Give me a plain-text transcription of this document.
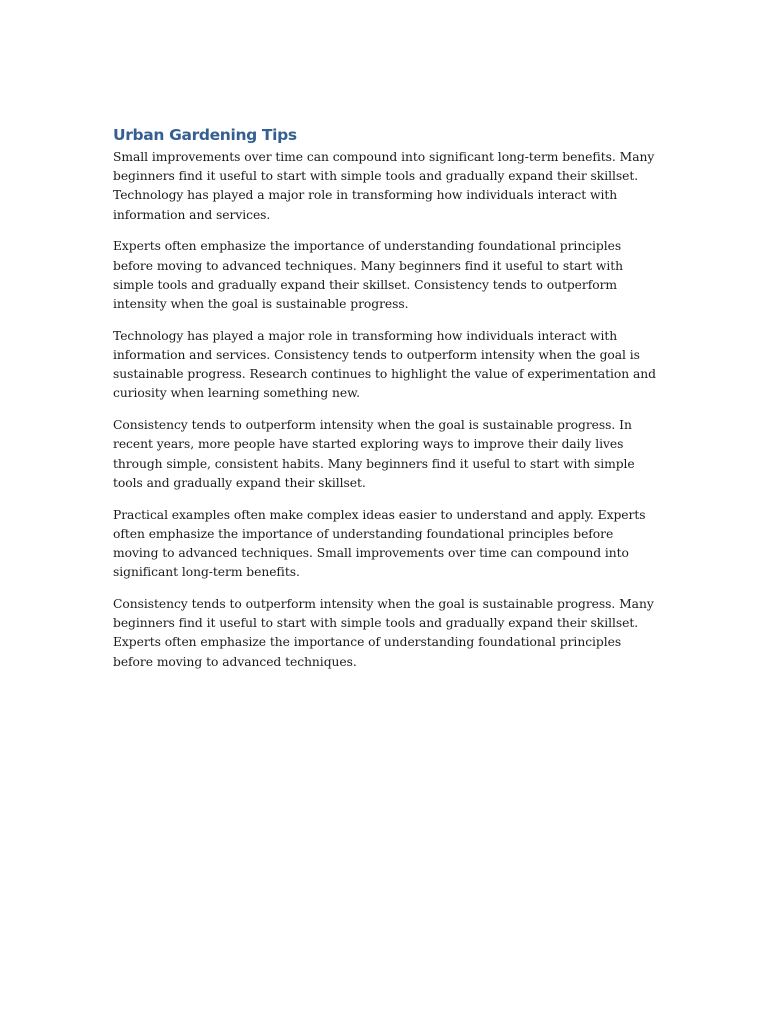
Urban Gardening Tips

Small improvements over time can compound into significant long-term benefits. Many beginners find it useful to start with simple tools and gradually expand their skillset. Technology has played a major role in transforming how individuals interact with information and services.

Experts often emphasize the importance of understanding foundational principles before moving to advanced techniques. Many beginners find it useful to start with simple tools and gradually expand their skillset. Consistency tends to outperform intensity when the goal is sustainable progress.

Technology has played a major role in transforming how individuals interact with information and services. Consistency tends to outperform intensity when the goal is sustainable progress. Research continues to highlight the value of experimentation and curiosity when learning something new.

Consistency tends to outperform intensity when the goal is sustainable progress. In recent years, more people have started exploring ways to improve their daily lives through simple, consistent habits. Many beginners find it useful to start with simple tools and gradually expand their skillset.

Practical examples often make complex ideas easier to understand and apply. Experts often emphasize the importance of understanding foundational principles before moving to advanced techniques. Small improvements over time can compound into significant long-term benefits.

Consistency tends to outperform intensity when the goal is sustainable progress. Many beginners find it useful to start with simple tools and gradually expand their skillset. Experts often emphasize the importance of understanding foundational principles before moving to advanced techniques.
